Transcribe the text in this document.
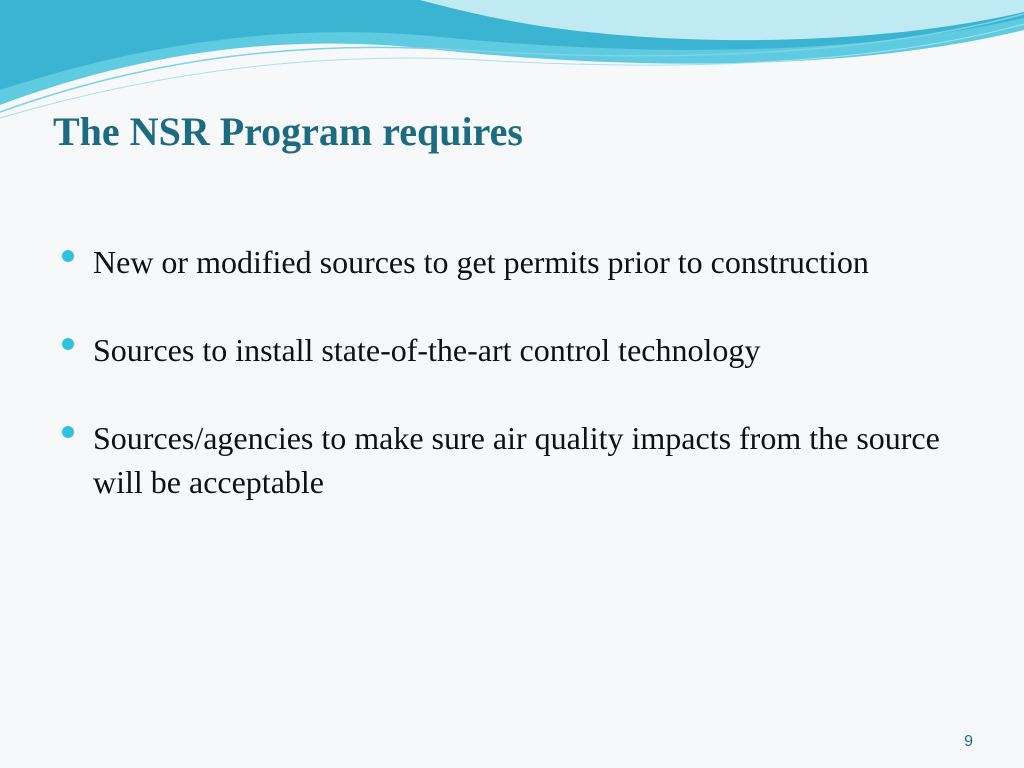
The NSR Program requires
New or modified sources to get permits prior to construction
Sources to install state-of-the-art control technology
Sources/agencies to make sure air quality impacts from the source will be acceptable
9
